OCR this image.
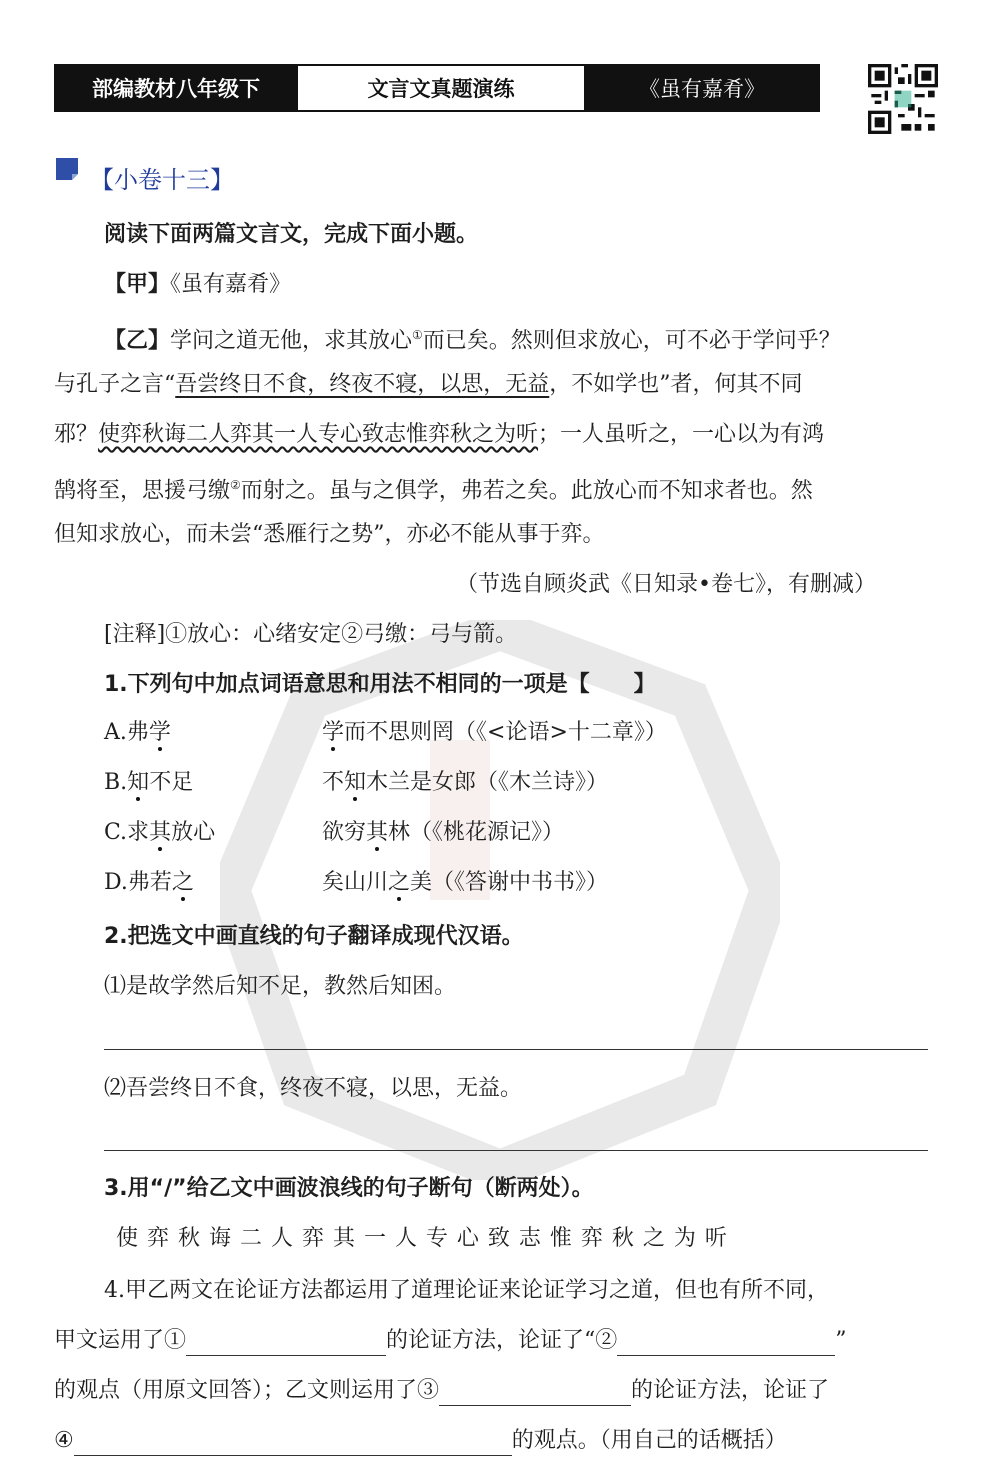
部编教材八年级下	文言文真题演练	《虽有嘉肴》
【小卷十三】
阅读下面两篇文言文，完成下面小题。
【甲】《虽有嘉肴》
【乙】学问之道无他，求其放心①而已矣。然则但求放心，可不必于学问乎？
与孔子之言“吾尝终日不食，终夜不寝，以思，无益，不如学也”者，何其不同
邪？使弈秋诲二人弈其一人专心致志惟弈秋之为听；一人虽听之，一心以为有鸿
鹄将至，思援弓缴②而射之。虽与之俱学，弗若之矣。此放心而不知求者也。然
但知求放心，而未尝“悉雁行之势”，亦必不能从事于弈。
（节选自顾炎武《日知录•卷七》，有删减）
[注释]①放心：心绪安定②弓缴：弓与箭。
1.下列句中加点词语意思和用法不相同的一项是【　　】
A.弗学	学而不思则罔（《<论语>十二章》）
B.知不足	不知木兰是女郎（《木兰诗》）
C.求其放心	欲穷其林（《桃花源记》）
D.弗若之	矣山川之美（《答谢中书书》）
2.把选文中画直线的句子翻译成现代汉语。
⑴是故学然后知不足，教然后知困。
⑵吾尝终日不食，终夜不寝，以思，无益。
3.用“/”给乙文中画波浪线的句子断句（断两处）。
使 弈 秋 诲 二 人 弈 其 一 人 专 心 致 志 惟 弈 秋 之 为 听
4.甲乙两文在论证方法都运用了道理论证来论证学习之道，但也有所不同，
甲文运用了①	的论证方法，论证了“②	”
的观点（用原文回答）；乙文则运用了③	的论证方法，论证了
④	的观点。（用自己的话概括）
